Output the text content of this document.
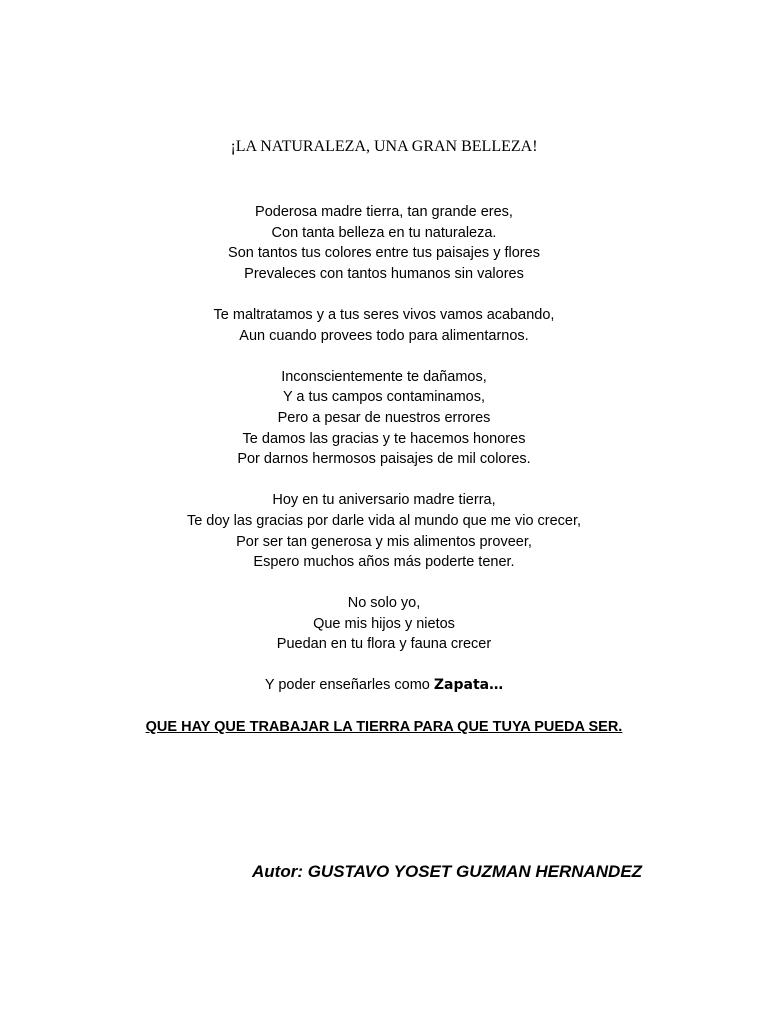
¡LA NATURALEZA, UNA GRAN BELLEZA!
Poderosa madre tierra, tan grande eres,
Con tanta belleza en tu naturaleza.
Son tantos tus colores entre tus paisajes y flores
Prevaleces con tantos humanos sin valores
Te maltratamos y a tus seres vivos vamos acabando,
Aun cuando provees todo para alimentarnos.
Inconscientemente te dañamos,
Y a tus campos contaminamos,
Pero a pesar de nuestros errores
Te damos las gracias y te hacemos honores
Por darnos hermosos paisajes de mil colores.
Hoy en tu aniversario madre tierra,
Te doy las gracias por darle vida al mundo que me vio crecer,
Por ser tan generosa y mis alimentos proveer,
Espero muchos años más poderte tener.
No solo yo,
Que mis hijos y nietos
Puedan en tu flora y fauna crecer
Y poder enseñarles como Zapata…
QUE HAY QUE TRABAJAR LA TIERRA PARA QUE TUYA PUEDA SER.
Autor: GUSTAVO YOSET GUZMAN HERNANDEZ
